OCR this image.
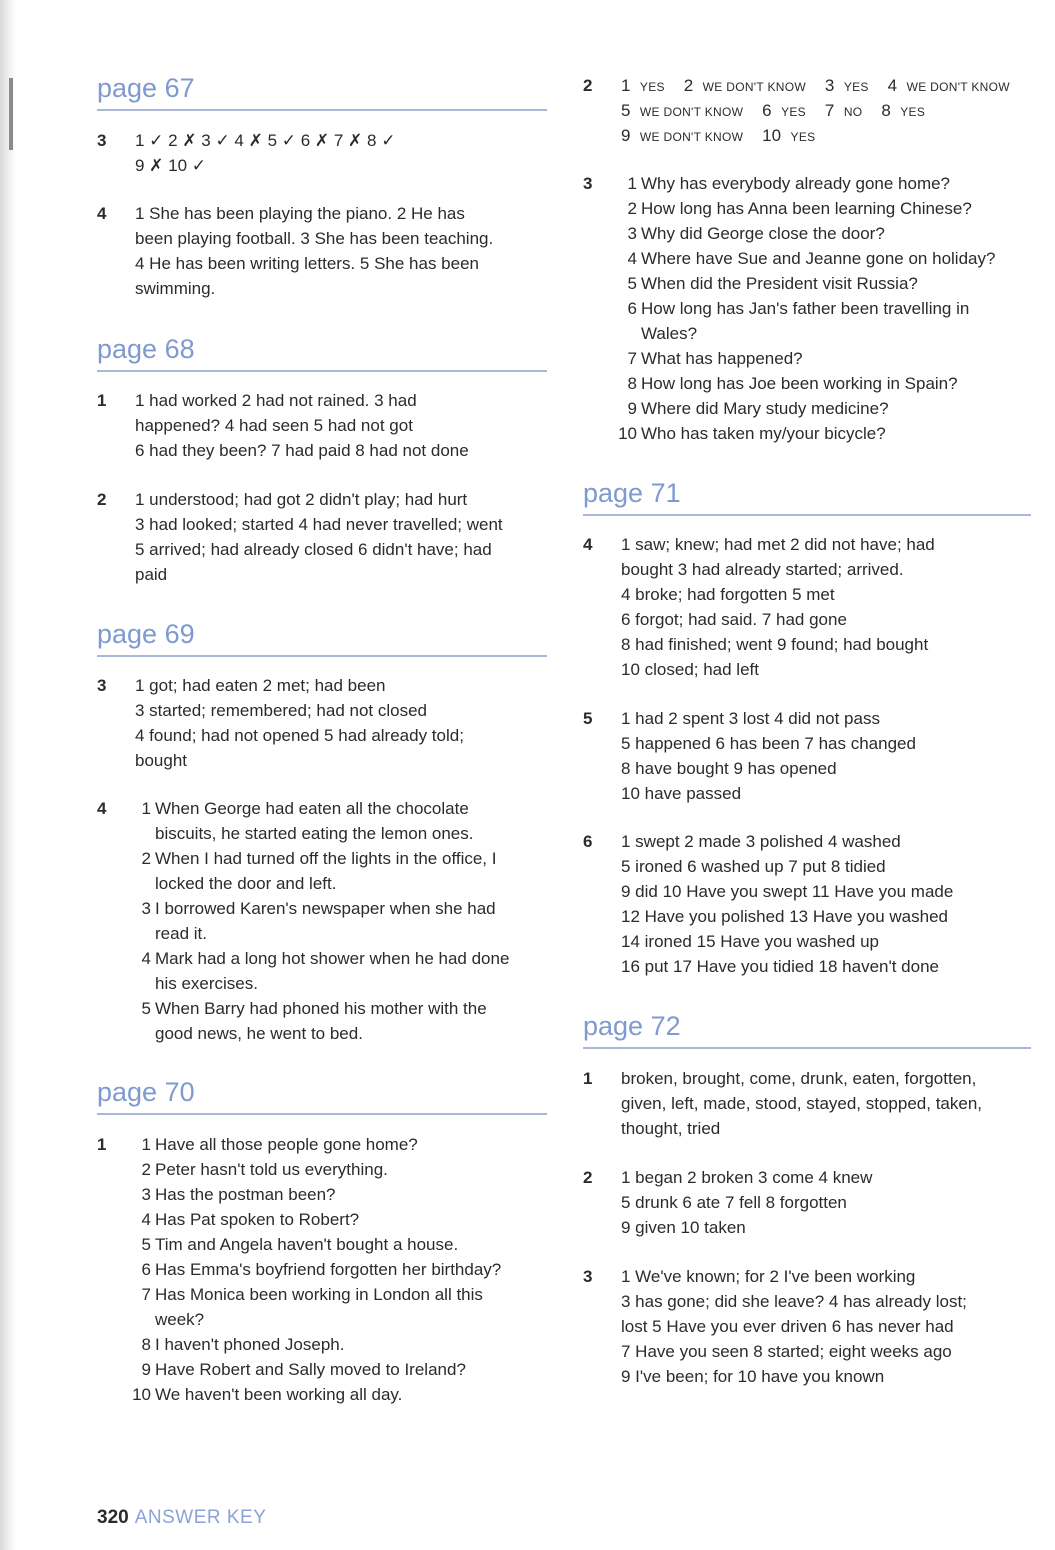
page 67
3	1 ✓ 2 ✗ 3 ✓ 4 ✗ 5 ✓ 6 ✗ 7 ✗ 8 ✓
9 ✗ 10 ✓
4	1 She has been playing the piano. 2 He has
been playing football. 3 She has been teaching.
4 He has been writing letters. 5 She has been
swimming.
page 68
1	1 had worked 2 had not rained. 3 had
happened? 4 had seen 5 had not got
6 had they been? 7 had paid 8 had not done
2	1 understood; had got 2 didn't play; had hurt
3 had looked; started 4 had never travelled; went
5 arrived; had already closed 6 didn't have; had
paid
page 69
3	1 got; had eaten 2 met; had been
3 started; remembered; had not closed
4 found; had not opened 5 had already told;
bought
4	1 When George had eaten all the chocolate
biscuits, he started eating the lemon ones.
2 When I had turned off the lights in the office, I
locked the door and left.
3 I borrowed Karen's newspaper when she had
read it.
4 Mark had a long hot shower when he had done
his exercises.
5 When Barry had phoned his mother with the
good news, he went to bed.
page 70
1	1 Have all those people gone home?
2 Peter hasn't told us everything.
3 Has the postman been?
4 Has Pat spoken to Robert?
5 Tim and Angela haven't bought a house.
6 Has Emma's boyfriend forgotten her birthday?
7 Has Monica been working in London all this
week?
8 I haven't phoned Joseph.
9 Have Robert and Sally moved to Ireland?
10 We haven't been working all day.
2	1 YES 2 WE DON'T KNOW 3 YES 4 WE DON'T KNOW
5 WE DON'T KNOW 6 YES 7 NO 8 YES
9 WE DON'T KNOW 10 YES
3	1 Why has everybody already gone home?
2 How long has Anna been learning Chinese?
3 Why did George close the door?
4 Where have Sue and Jeanne gone on holiday?
5 When did the President visit Russia?
6 How long has Jan's father been travelling in
Wales?
7 What has happened?
8 How long has Joe been working in Spain?
9 Where did Mary study medicine?
10 Who has taken my/your bicycle?
page 71
4	1 saw; knew; had met 2 did not have; had
bought 3 had already started; arrived.
4 broke; had forgotten 5 met
6 forgot; had said. 7 had gone
8 had finished; went 9 found; had bought
10 closed; had left
5	1 had 2 spent 3 lost 4 did not pass
5 happened 6 has been 7 has changed
8 have bought 9 has opened
10 have passed
6	1 swept 2 made 3 polished 4 washed
5 ironed 6 washed up 7 put 8 tidied
9 did 10 Have you swept 11 Have you made
12 Have you polished 13 Have you washed
14 ironed 15 Have you washed up
16 put 17 Have you tidied 18 haven't done
page 72
1	broken, brought, come, drunk, eaten, forgotten,
given, left, made, stood, stayed, stopped, taken,
thought, tried
2	1 began 2 broken 3 come 4 knew
5 drunk 6 ate 7 fell 8 forgotten
9 given 10 taken
3	1 We've known; for 2 I've been working
3 has gone; did she leave? 4 has already lost;
lost 5 Have you ever driven 6 has never had
7 Have you seen 8 started; eight weeks ago
9 I've been; for 10 have you known
320 ANSWER KEY
